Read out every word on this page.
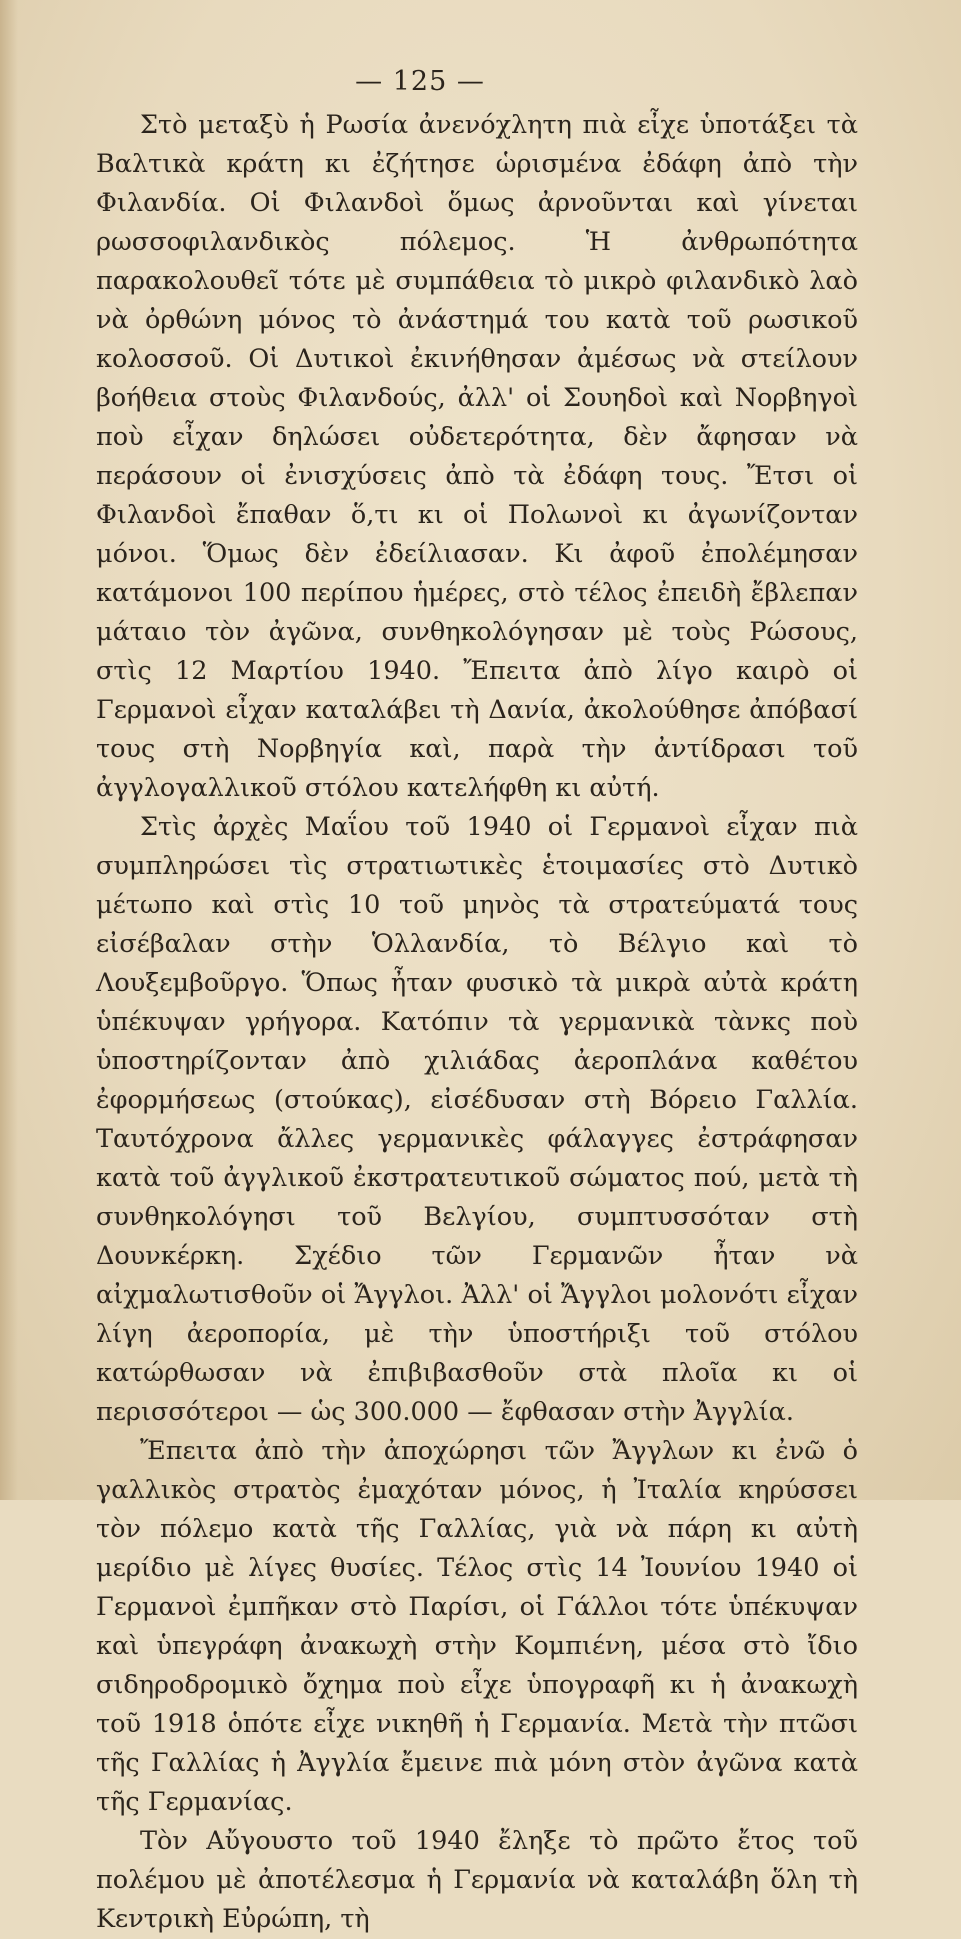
— 125 —

Στὸ μεταξὺ ἡ Ρωσία ἀνενόχλητη πιὰ εἶχε ὑποτάξει τὰ Βαλτικὰ κράτη κι ἐζήτησε ὡρισμένα ἐδάφη ἀπὸ τὴν Φιλανδία. Οἱ Φιλανδοὶ ὅμως ἀρνοῦνται καὶ γίνεται ρωσσοφιλανδικὸς πόλεμος. Ἡ ἀνθρωπότητα παρακολουθεῖ τότε μὲ συμπάθεια τὸ μικρὸ φιλανδικὸ λαὸ νὰ ὀρθώνη μόνος τὸ ἀνάστημά του κατὰ τοῦ ρωσικοῦ κολοσσοῦ. Οἱ Δυτικοὶ ἐκινήθησαν ἀμέσως νὰ στείλουν βοήθεια στοὺς Φιλανδούς, ἀλλ' οἱ Σουηδοὶ καὶ Νορβηγοὶ ποὺ εἶχαν δηλώσει οὐδετερότητα, δὲν ἄφησαν νὰ περάσουν οἱ ἐνισχύσεις ἀπὸ τὰ ἐδάφη τους. Ἔτσι οἱ Φιλανδοὶ ἔπαθαν ὅ,τι κι οἱ Πολωνοὶ κι ἀγωνίζονταν μόνοι. Ὅμως δὲν ἐδείλιασαν. Κι ἀφοῦ ἐπολέμησαν κατάμονοι 100 περίπου ἡμέρες, στὸ τέλος ἐπειδὴ ἔβλεπαν μάταιο τὸν ἀγῶνα, συνθηκολόγησαν μὲ τοὺς Ρώσους, στὶς 12 Μαρτίου 1940. Ἔπειτα ἀπὸ λίγο καιρὸ οἱ Γερμανοὶ εἶχαν καταλάβει τὴ Δανία, ἀκολούθησε ἀπόβασί τους στὴ Νορβηγία καὶ, παρὰ τὴν ἀντίδρασι τοῦ ἀγγλογαλλικοῦ στόλου κατελήφθη κι αὐτή.

Στὶς ἀρχὲς Μαΐου τοῦ 1940 οἱ Γερμανοὶ εἶχαν πιὰ συμπληρώσει τὶς στρατιωτικὲς ἑτοιμασίες στὸ Δυτικὸ μέτωπο καὶ στὶς 10 τοῦ μηνὸς τὰ στρατεύματά τους εἰσέβαλαν στὴν Ὁλλανδία, τὸ Βέλγιο καὶ τὸ Λουξεμβοῦργο. Ὅπως ἦταν φυσικὸ τὰ μικρὰ αὐτὰ κράτη ὑπέκυψαν γρήγορα. Κατόπιν τὰ γερμανικὰ τὰνκς ποὺ ὑποστηρίζονταν ἀπὸ χιλιάδας ἀεροπλάνα καθέτου ἐφορμήσεως (στούκας), εἰσέδυσαν στὴ Βόρειο Γαλλία. Ταυτόχρονα ἄλλες γερμανικὲς φάλαγγες ἐστράφησαν κατὰ τοῦ ἀγγλικοῦ ἐκστρατευτικοῦ σώματος πού, μετὰ τὴ συνθηκολόγησι τοῦ Βελγίου, συμπτυσσόταν στὴ Δουνκέρκη. Σχέδιο τῶν Γερμανῶν ἦταν νὰ αἰχμαλωτισθοῦν οἱ Ἄγγλοι. Ἀλλ' οἱ Ἄγγλοι μολονότι εἶχαν λίγη ἀεροπορία, μὲ τὴν ὑποστήριξι τοῦ στόλου κατώρθωσαν νὰ ἐπιβιβασθοῦν στὰ πλοῖα κι οἱ περισσότεροι — ὡς 300.000 — ἔφθασαν στὴν Ἀγγλία.

Ἔπειτα ἀπὸ τὴν ἀποχώρησι τῶν Ἄγγλων κι ἐνῶ ὁ γαλλικὸς στρατὸς ἐμαχόταν μόνος, ἡ Ἰταλία κηρύσσει τὸν πόλεμο κατὰ τῆς Γαλλίας, γιὰ νὰ πάρη κι αὐτὴ μερίδιο μὲ λίγες θυσίες. Τέλος στὶς 14 Ἰουνίου 1940 οἱ Γερμανοὶ ἐμπῆκαν στὸ Παρίσι, οἱ Γάλλοι τότε ὑπέκυψαν καὶ ὑπεγράφη ἀνακωχὴ στὴν Κομπιένη, μέσα στὸ ἴδιο σιδηροδρομικὸ ὄχημα ποὺ εἶχε ὑπογραφῆ κι ἡ ἀνακωχὴ τοῦ 1918 ὁπότε εἶχε νικηθῆ ἡ Γερμανία. Μετὰ τὴν πτῶσι τῆς Γαλλίας ἡ Ἀγγλία ἔμεινε πιὰ μόνη στὸν ἀγῶνα κατὰ τῆς Γερμανίας.

Τὸν Αὔγουστο τοῦ 1940 ἔληξε τὸ πρῶτο ἔτος τοῦ πολέμου μὲ ἀποτέλεσμα ἡ Γερμανία νὰ καταλάβη ὅλη τὴ Κεντρικὴ Εὐρώπη, τὴ
